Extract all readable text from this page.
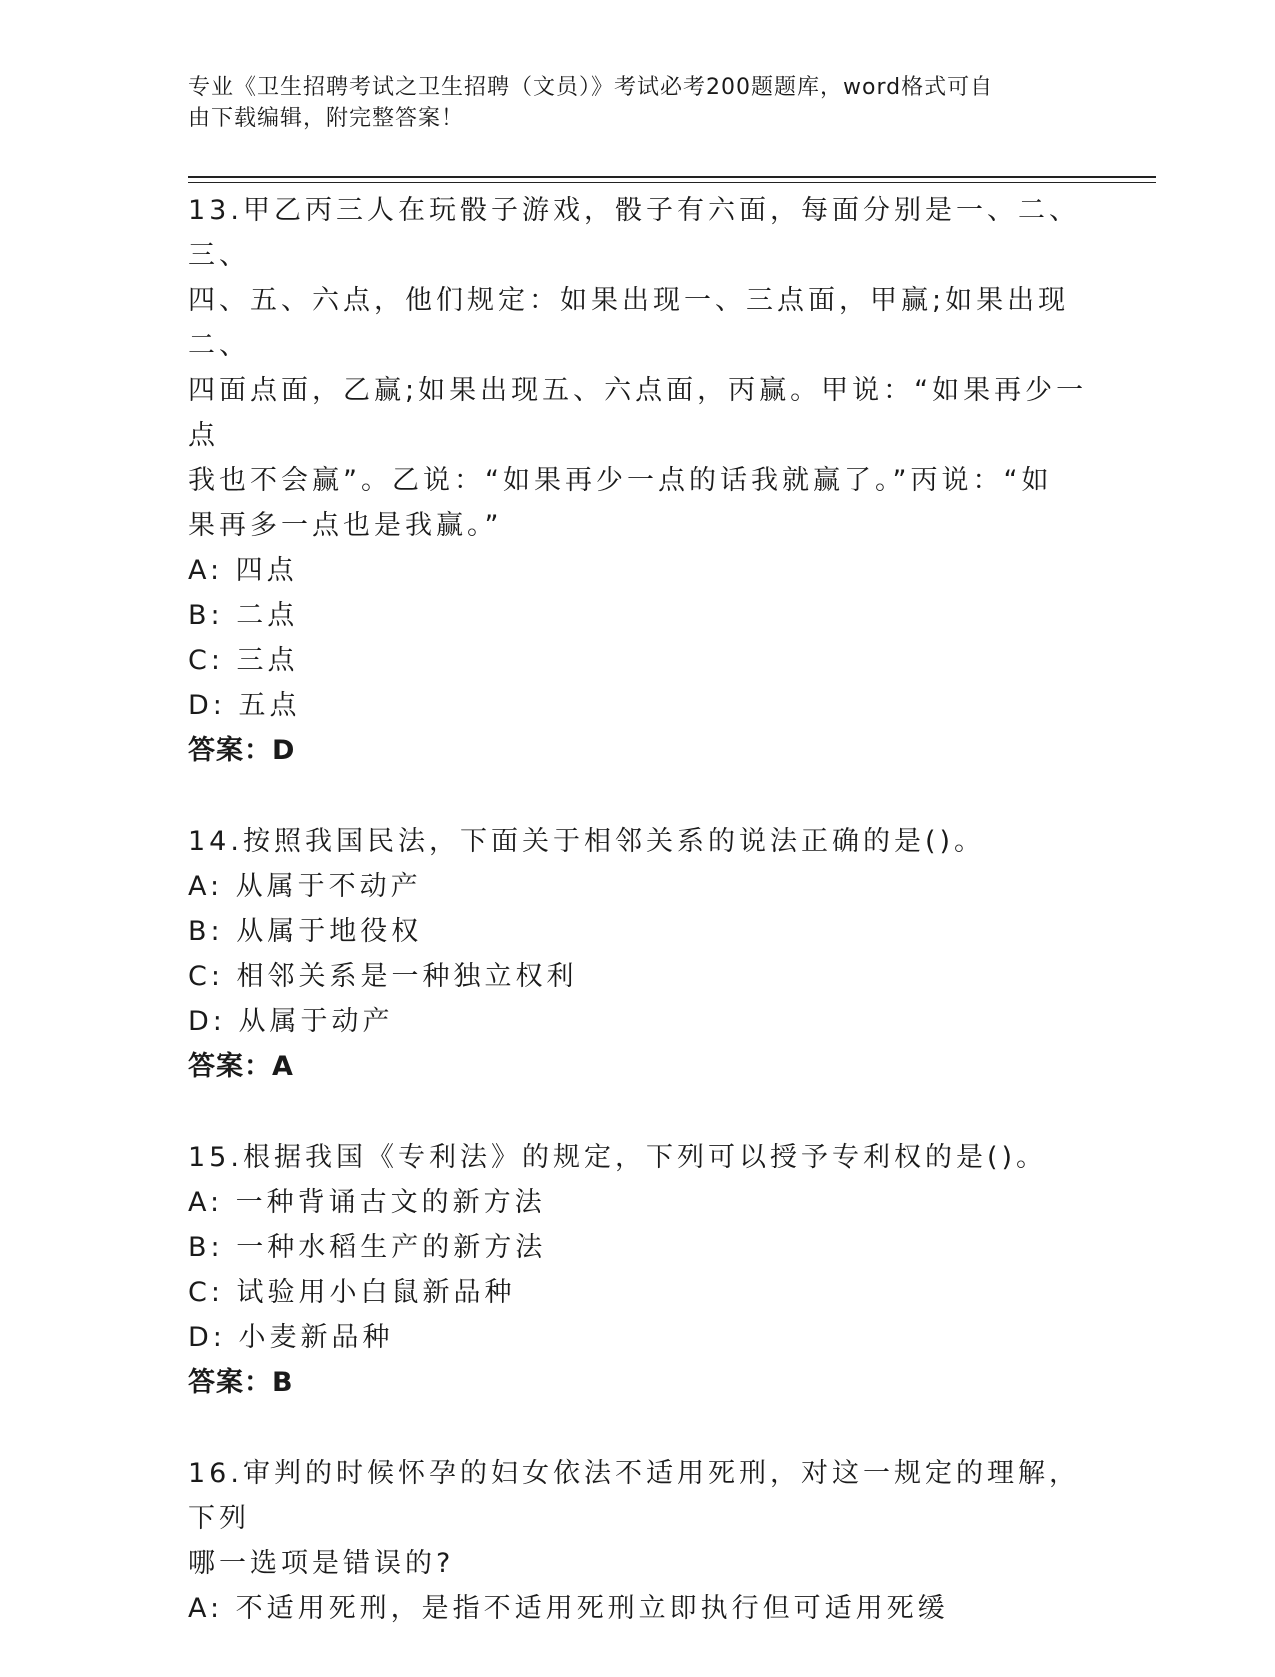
专业《卫生招聘考试之卫生招聘（文员）》考试必考200题题库，word格式可自
由下载编辑，附完整答案！
13.甲乙丙三人在玩骰子游戏，骰子有六面，每面分别是一、二、三、
四、五、六点，他们规定：如果出现一、三点面，甲赢;如果出现二、
四面点面，乙赢;如果出现五、六点面，丙赢。甲说：“如果再少一点
我也不会赢”。乙说：“如果再少一点的话我就赢了。”丙说：“如
果再多一点也是我赢。”
A: 四点
B: 二点
C: 三点
D: 五点
答案：D
14.按照我国民法，下面关于相邻关系的说法正确的是()。
A: 从属于不动产
B: 从属于地役权
C: 相邻关系是一种独立权利
D: 从属于动产
答案：A
15.根据我国《专利法》的规定，下列可以授予专利权的是()。
A: 一种背诵古文的新方法
B: 一种水稻生产的新方法
C: 试验用小白鼠新品种
D: 小麦新品种
答案：B
16.审判的时候怀孕的妇女依法不适用死刑，对这一规定的理解，下列
哪一选项是错误的?
A: 不适用死刑，是指不适用死刑立即执行但可适用死缓
